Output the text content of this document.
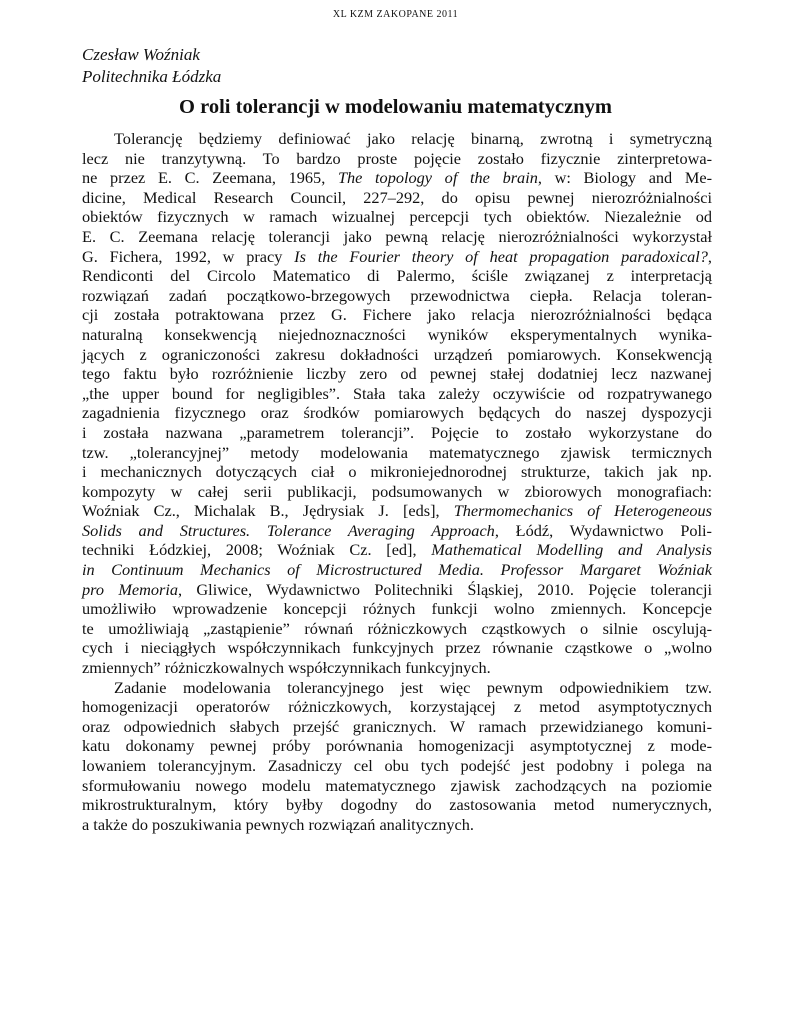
XL KZM ZAKOPANE 2011
Czesław Woźniak
Politechnika Łódzka
O roli tolerancji w modelowaniu matematycznym
Tolerancję będziemy definiować jako relację binarną, zwrotną i symetryczną
lecz nie tranzytywną. To bardzo proste pojęcie zostało fizycznie zinterpretowa-
ne przez E. C. Zeemana, 1965, The topology of the brain, w: Biology and Me-
dicine, Medical Research Council, 227–292, do opisu pewnej nierozróżnialności
obiektów fizycznych w ramach wizualnej percepcji tych obiektów. Niezależnie od
E. C. Zeemana relację tolerancji jako pewną relację nierozróżnialności wykorzystał
G. Fichera, 1992, w pracy Is the Fourier theory of heat propagation paradoxical?,
Rendiconti del Circolo Matematico di Palermo, ściśle związanej z interpretacją
rozwiązań zadań początkowo-brzegowych przewodnictwa ciepła. Relacja toleran-
cji została potraktowana przez G. Fichere jako relacja nierozróżnialności będąca
naturalną konsekwencją niejednoznaczności wyników eksperymentalnych wynika-
jących z ograniczoności zakresu dokładności urządzeń pomiarowych. Konsekwencją
tego faktu było rozróżnienie liczby zero od pewnej stałej dodatniej lecz nazwanej
„the upper bound for negligibles”. Stała taka zależy oczywiście od rozpatrywanego
zagadnienia fizycznego oraz środków pomiarowych będących do naszej dyspozycji
i została nazwana „parametrem tolerancji”. Pojęcie to zostało wykorzystane do
tzw. „tolerancyjnej” metody modelowania matematycznego zjawisk termicznych
i mechanicznych dotyczących ciał o mikroniejednorodnej strukturze, takich jak np.
kompozyty w całej serii publikacji, podsumowanych w zbiorowych monografiach:
Woźniak Cz., Michalak B., Jędrysiak J. [eds], Thermomechanics of Heterogeneous
Solids and Structures. Tolerance Averaging Approach, Łódź, Wydawnictwo Poli-
techniki Łódzkiej, 2008; Woźniak Cz. [ed], Mathematical Modelling and Analysis
in Continuum Mechanics of Microstructured Media. Professor Margaret Woźniak
pro Memoria, Gliwice, Wydawnictwo Politechniki Śląskiej, 2010. Pojęcie tolerancji
umożliwiło wprowadzenie koncepcji różnych funkcji wolno zmiennych. Koncepcje
te umożliwiają „zastąpienie” równań różniczkowych cząstkowych o silnie oscylują-
cych i nieciągłych współczynnikach funkcyjnych przez równanie cząstkowe o „wolno
zmiennych” różniczkowalnych współczynnikach funkcyjnych.
Zadanie modelowania tolerancyjnego jest więc pewnym odpowiednikiem tzw.
homogenizacji operatorów różniczkowych, korzystającej z metod asymptotycznych
oraz odpowiednich słabych przejść granicznych. W ramach przewidzianego komuni-
katu dokonamy pewnej próby porównania homogenizacji asymptotycznej z mode-
lowaniem tolerancyjnym. Zasadniczy cel obu tych podejść jest podobny i polega na
sformułowaniu nowego modelu matematycznego zjawisk zachodzących na poziomie
mikrostrukturalnym, który byłby dogodny do zastosowania metod numerycznych,
a także do poszukiwania pewnych rozwiązań analitycznych.
